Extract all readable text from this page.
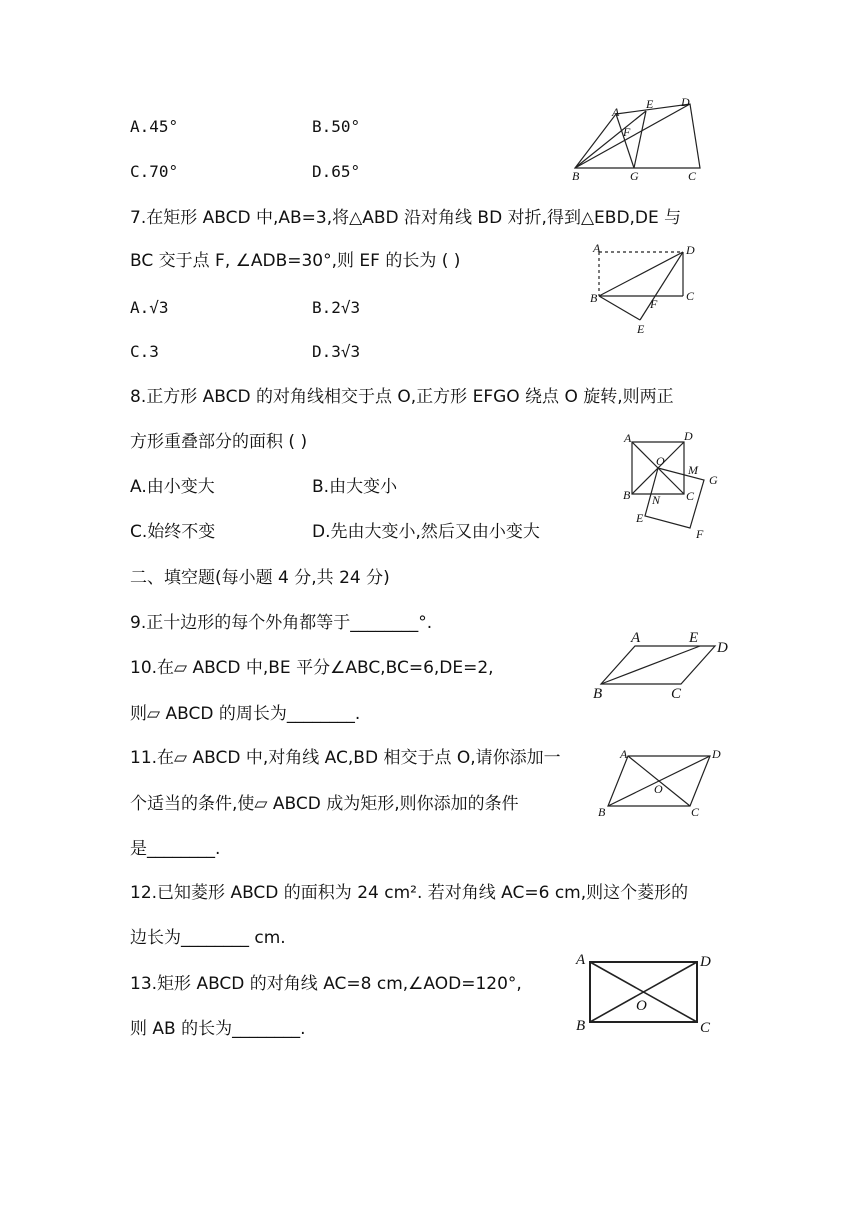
A.45°	B.50°
C.70°	D.65°
A
E D
F
B	G	C
7.在矩形 ABCD 中,AB=3,将△ABD 沿对角线 BD 对折,得到△EBD,DE 与
BC 交于点 F, ∠ADB=30°,则 EF 的长为 ( )
A.√3	B.2√3
C.3	D.3√3
A	D
B	C
F
E
8.正方形 ABCD 的对角线相交于点 O,正方形 EFGO 绕点 O 旋转,则两正
方形重叠部分的面积 ( )
A.由小变大	B.由大变小
C.始终不变	D.先由大变小,然后又由小变大
A	D
O
M
G
B N C
E
F
二、填空题(每小题 4 分,共 24 分)
9.正十边形的每个外角都等于________°.
10.在▱ ABCD 中,BE 平分∠ABC,BC=6,DE=2,
则▱ ABCD 的周长为________.
A	E
D
B	C
11.在▱ ABCD 中,对角线 AC,BD 相交于点 O,请你添加一
个适当的条件,使▱ ABCD 成为矩形,则你添加的条件
是________.
A	D
O
B	C
12.已知菱形 ABCD 的面积为 24 cm². 若对角线 AC=6 cm,则这个菱形的
边长为________ cm.
13.矩形 ABCD 的对角线 AC=8 cm,∠AOD=120°,
则 AB 的长为________.
A	D
O
B	C
